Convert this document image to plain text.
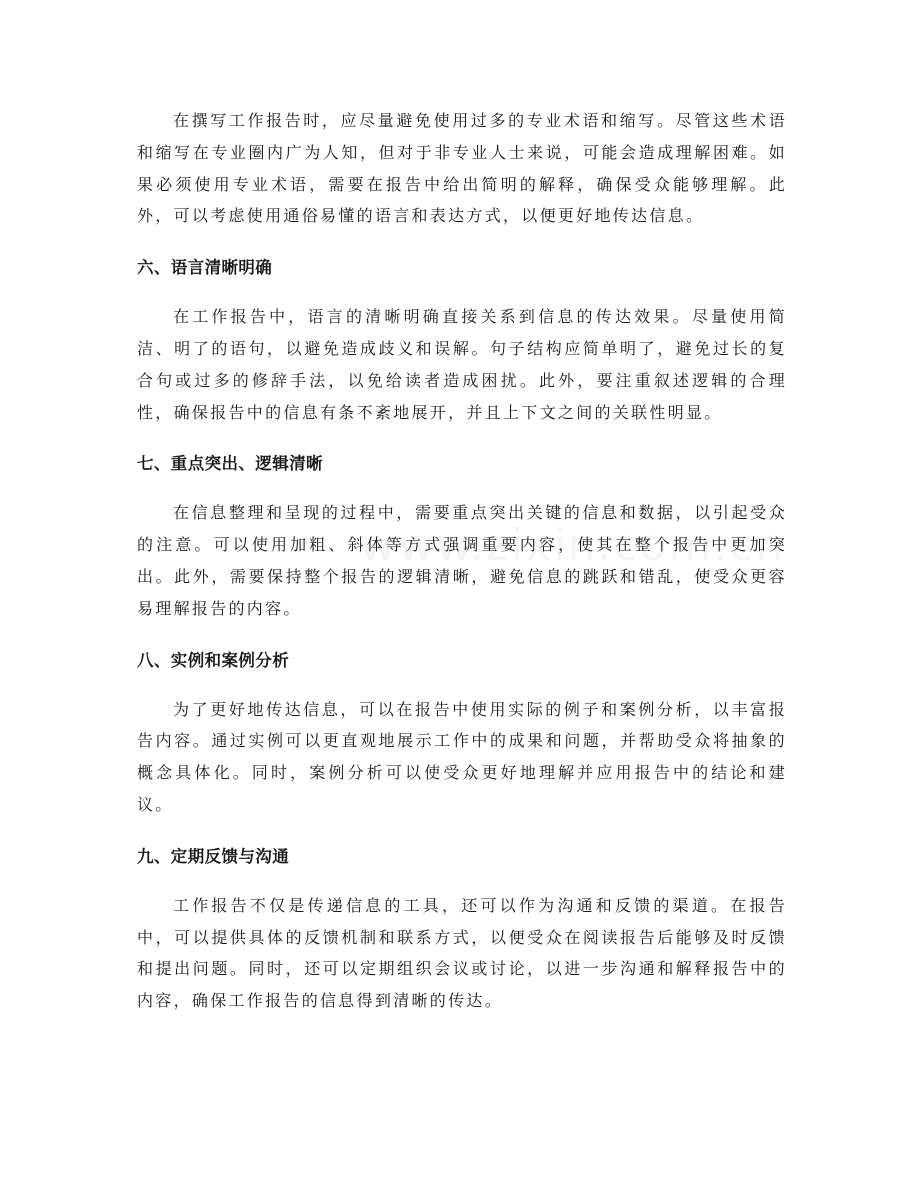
在撰写工作报告时，应尽量避免使用过多的专业术语和缩写。尽管这些术语和缩写在专业圈内广为人知，但对于非专业人士来说，可能会造成理解困难。如果必须使用专业术语，需要在报告中给出简明的解释，确保受众能够理解。此外，可以考虑使用通俗易懂的语言和表达方式，以便更好地传达信息。

六、语言清晰明确

在工作报告中，语言的清晰明确直接关系到信息的传达效果。尽量使用简洁、明了的语句，以避免造成歧义和误解。句子结构应简单明了，避免过长的复合句或过多的修辞手法，以免给读者造成困扰。此外，要注重叙述逻辑的合理性，确保报告中的信息有条不紊地展开，并且上下文之间的关联性明显。

七、重点突出、逻辑清晰

在信息整理和呈现的过程中，需要重点突出关键的信息和数据，以引起受众的注意。可以使用加粗、斜体等方式强调重要内容，使其在整个报告中更加突出。此外，需要保持整个报告的逻辑清晰，避免信息的跳跃和错乱，使受众更容易理解报告的内容。

八、实例和案例分析

为了更好地传达信息，可以在报告中使用实际的例子和案例分析，以丰富报告内容。通过实例可以更直观地展示工作中的成果和问题，并帮助受众将抽象的概念具体化。同时，案例分析可以使受众更好地理解并应用报告中的结论和建议。

九、定期反馈与沟通

工作报告不仅是传递信息的工具，还可以作为沟通和反馈的渠道。在报告中，可以提供具体的反馈机制和联系方式，以便受众在阅读报告后能够及时反馈和提出问题。同时，还可以定期组织会议或讨论，以进一步沟通和解释报告中的内容，确保工作报告的信息得到清晰的传达。
